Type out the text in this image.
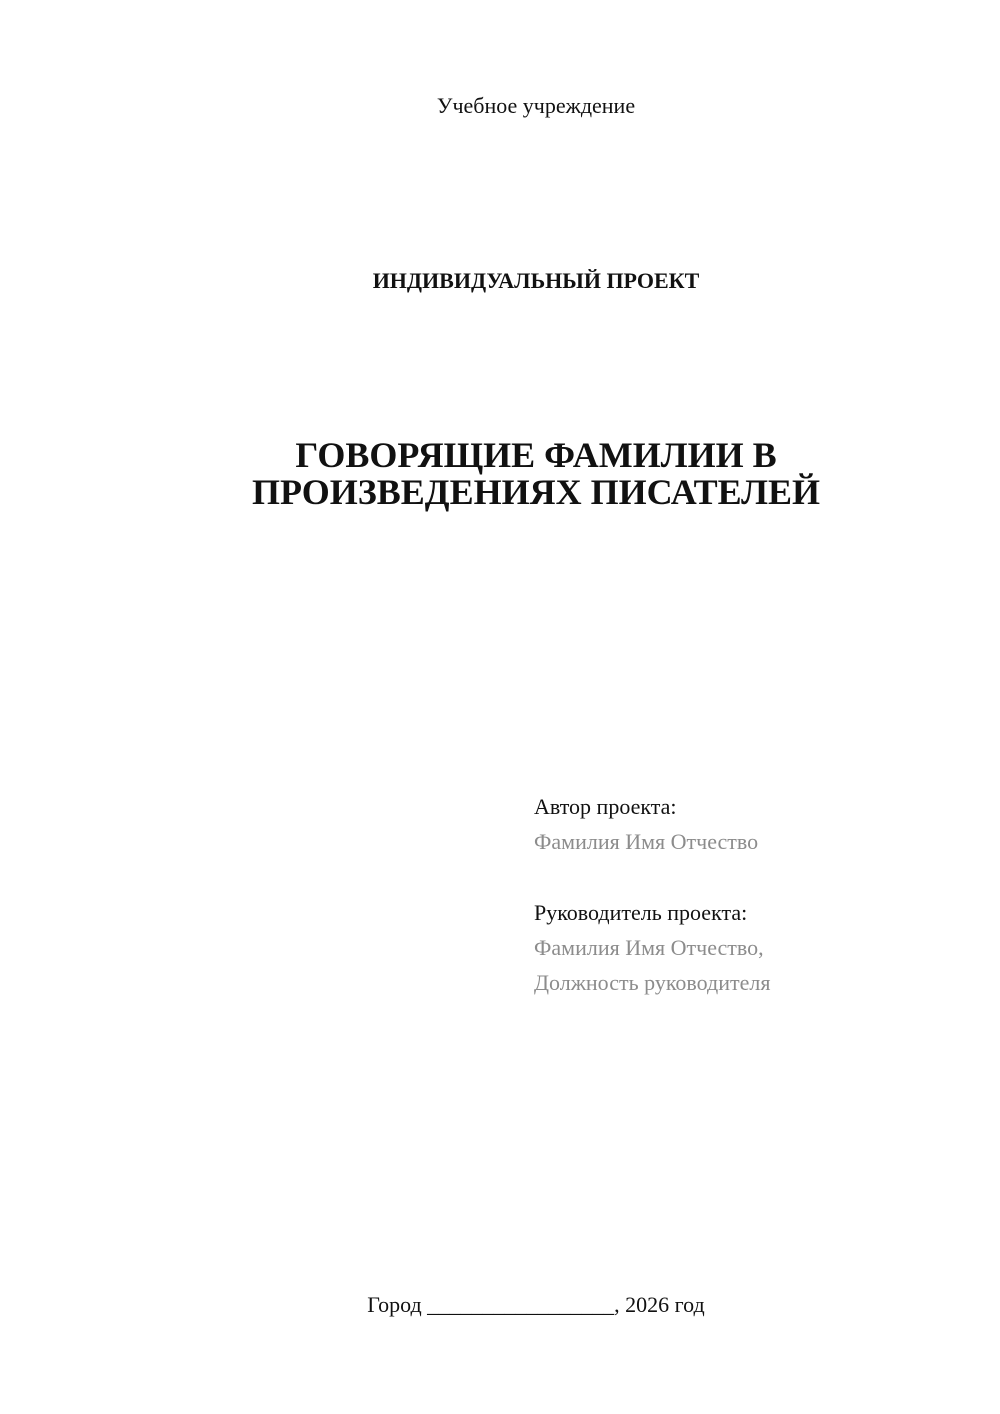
Учебное учреждение
ИНДИВИДУАЛЬНЫЙ ПРОЕКТ
ГОВОРЯЩИЕ ФАМИЛИИ В
ПРОИЗВЕДЕНИЯХ ПИСАТЕЛЕЙ
Автор проекта:
Фамилия Имя Отчество
Руководитель проекта:
Фамилия Имя Отчество,
Должность руководителя
Город _________________, 2026 год
